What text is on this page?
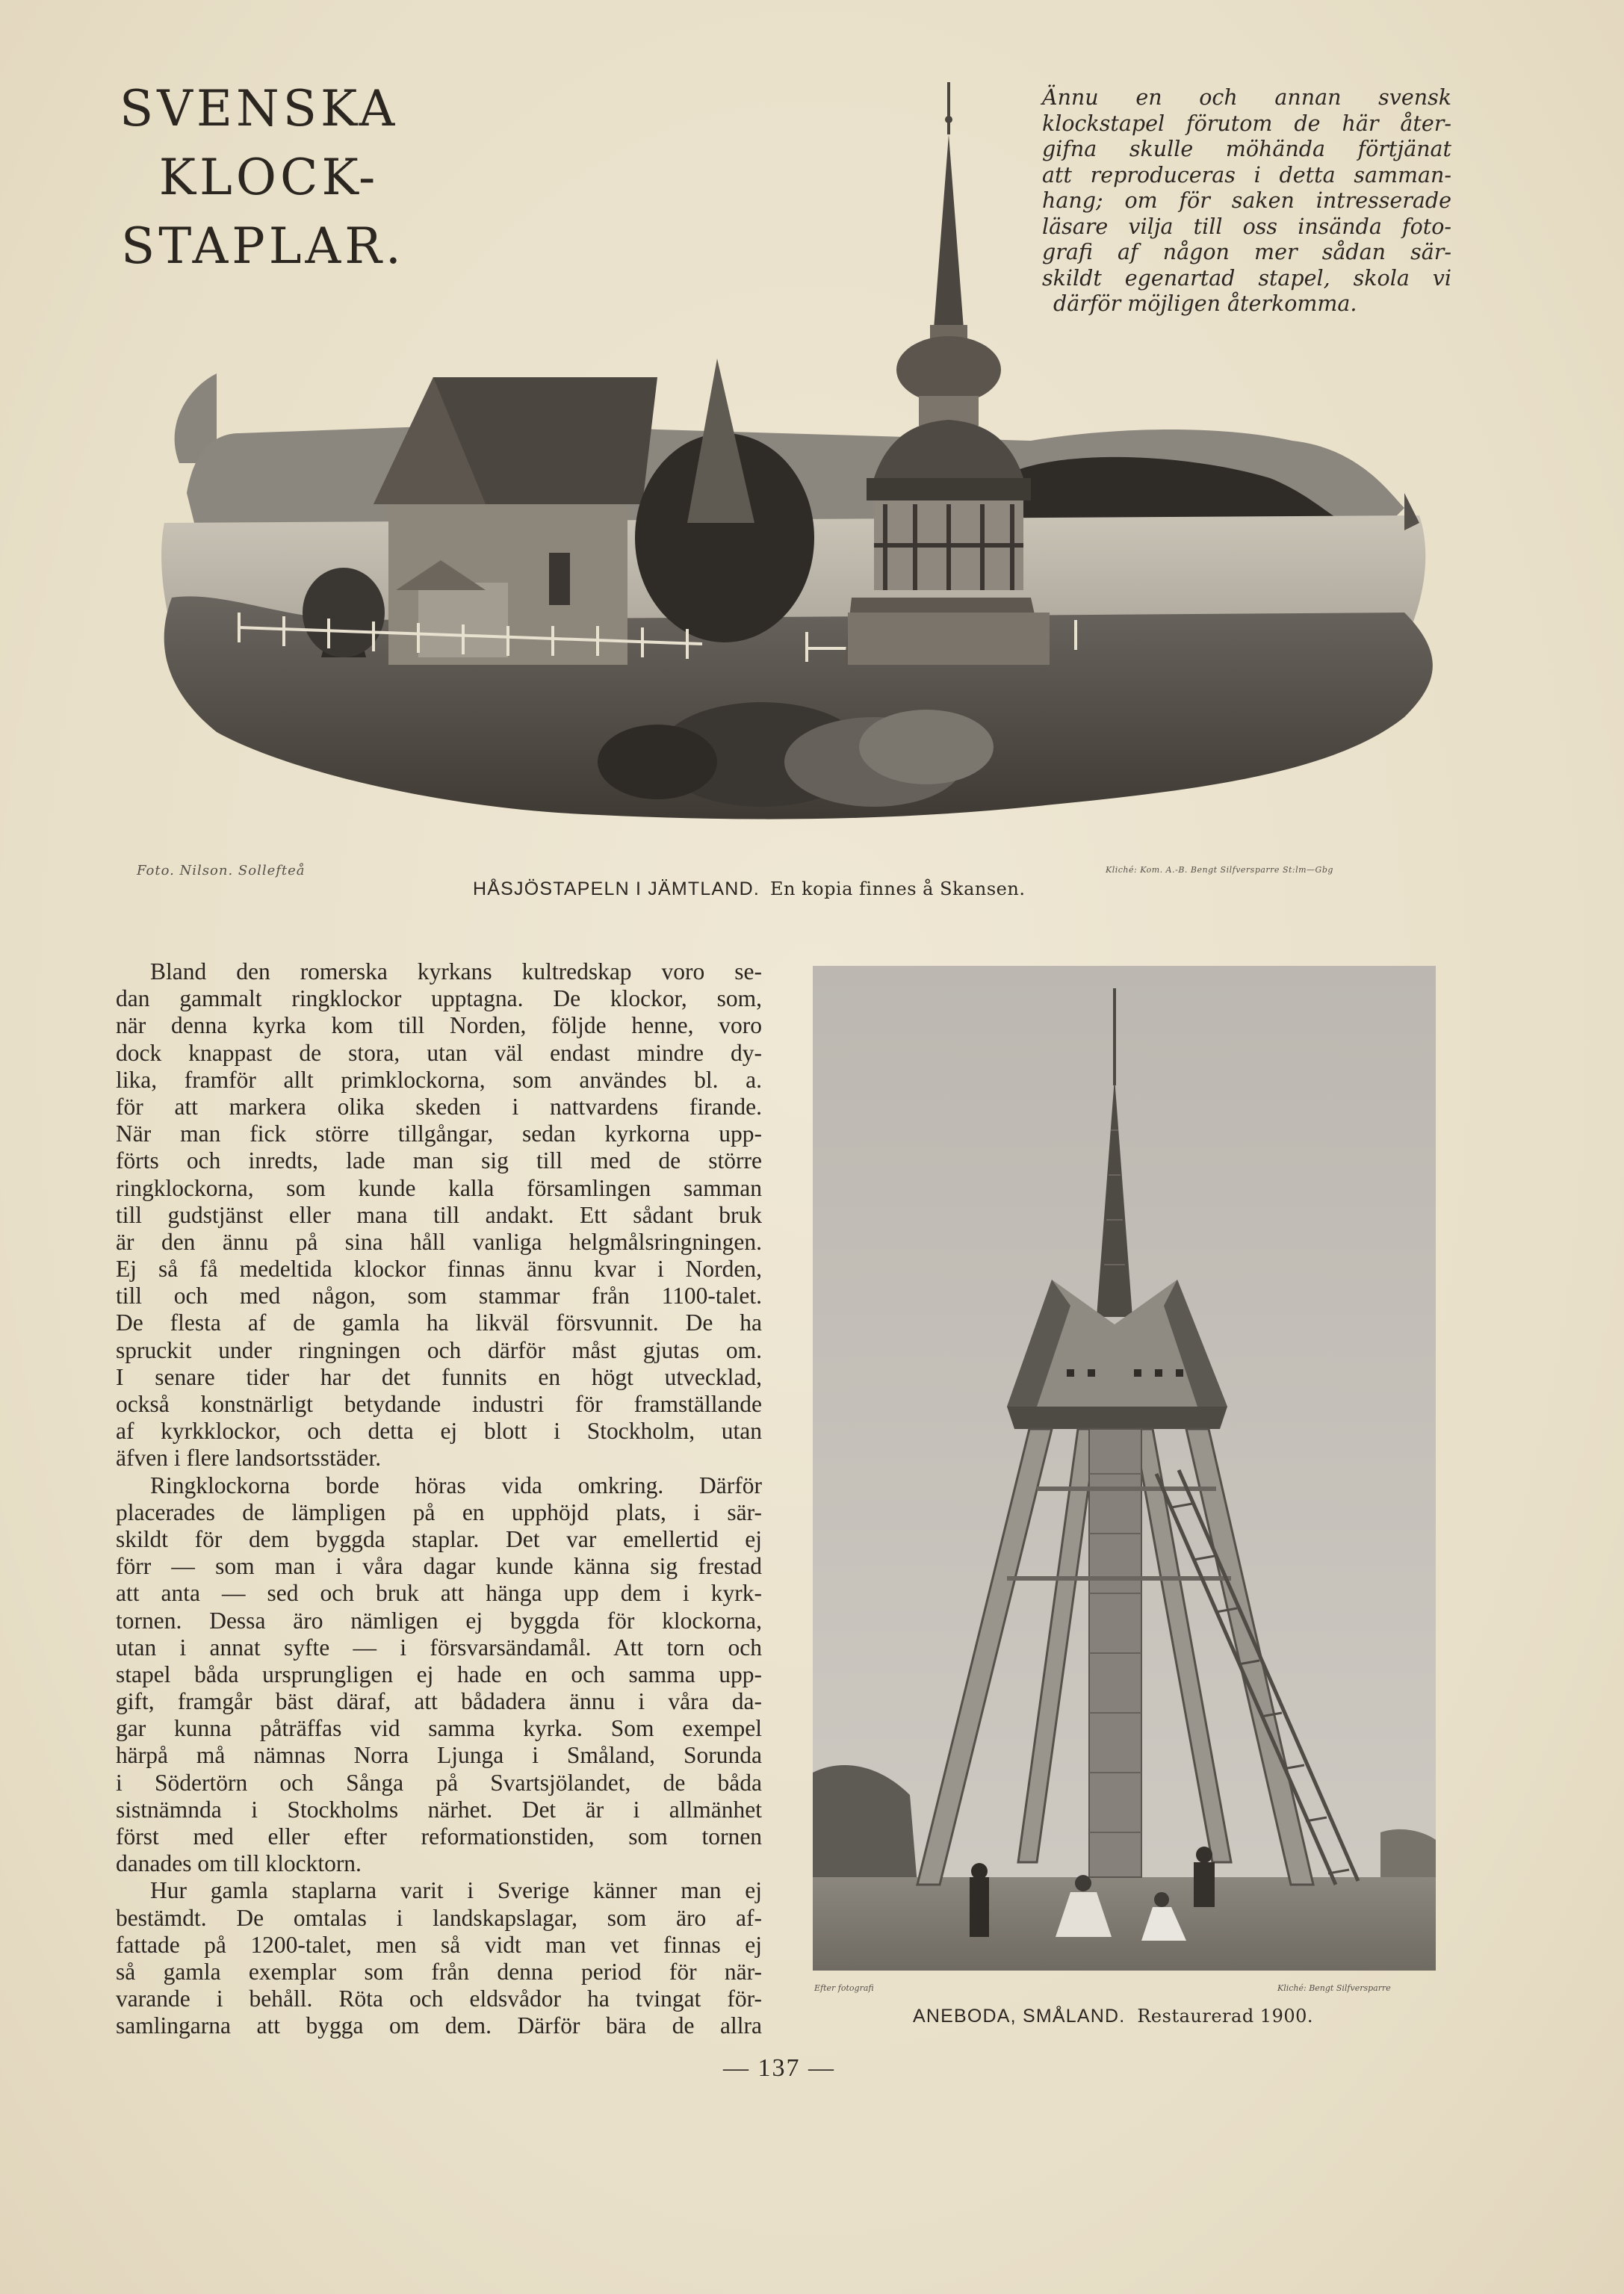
SVENSKA
KLOCK-
STAPLAR.
Ännu en och annan svensk
klockstapel förutom de här åter-
gifna skulle möhända förtjänat
att reproduceras i detta samman-
hang; om för saken intresserade
läsare vilja till oss insända foto-
grafi af någon mer sådan sär-
skildt egenartad stapel, skola vi
därför möjligen återkomma.
Foto. Nilson. Sollefteå	Kliché: Kom. A.-B. Bengt Silfversparre St:lm—Gbg
HÅSJÖSTAPELN I JÄMTLAND. En kopia finnes å Skansen.
Bland den romerska kyrkans kultredskap voro se-
dan gammalt ringklockor upptagna. De klockor, som,
när denna kyrka kom till Norden, följde henne, voro
dock knappast de stora, utan väl endast mindre dy-
lika, framför allt primklockorna, som användes bl. a.
för att markera olika skeden i nattvardens firande.
När man fick större tillgångar, sedan kyrkorna upp-
förts och inredts, lade man sig till med de större
ringklockorna, som kunde kalla församlingen samman
till gudstjänst eller mana till andakt. Ett sådant bruk
är den ännu på sina håll vanliga helgmålsringningen.
Ej så få medeltida klockor finnas ännu kvar i Norden,
till och med någon, som stammar från 1100-talet.
De flesta af de gamla ha likväl försvunnit. De ha
spruckit under ringningen och därför måst gjutas om.
I senare tider har det funnits en högt utvecklad,
också konstnärligt betydande industri för framställande
af kyrkklockor, och detta ej blott i Stockholm, utan
äfven i flere landsortsstäder.
Ringklockorna borde höras vida omkring. Därför
placerades de lämpligen på en upphöjd plats, i sär-
skildt för dem byggda staplar. Det var emellertid ej
förr — som man i våra dagar kunde känna sig frestad
att anta — sed och bruk att hänga upp dem i kyrk-
tornen. Dessa äro nämligen ej byggda för klockorna,
utan i annat syfte — i försvarsändamål. Att torn och
stapel båda ursprungligen ej hade en och samma upp-
gift, framgår bäst däraf, att bådadera ännu i våra da-
gar kunna påträffas vid samma kyrka. Som exempel
härpå må nämnas Norra Ljunga i Småland, Sorunda
i Södertörn och Sånga på Svartsjölandet, de båda
sistnämnda i Stockholms närhet. Det är i allmänhet
först med eller efter reformationstiden, som tornen
danades om till klocktorn.
Hur gamla staplarna varit i Sverige känner man ej
bestämdt. De omtalas i landskapslagar, som äro af-
fattade på 1200-talet, men så vidt man vet finnas ej
så gamla exemplar som från denna period för när-
varande i behåll. Röta och eldsvådor ha tvingat för-
samlingarna att bygga om dem. Därför bära de allra
Efter fotografi	Kliché: Bengt Silfversparre
ANEBODA, SMÅLAND. Restaurerad 1900.
— 137 —
